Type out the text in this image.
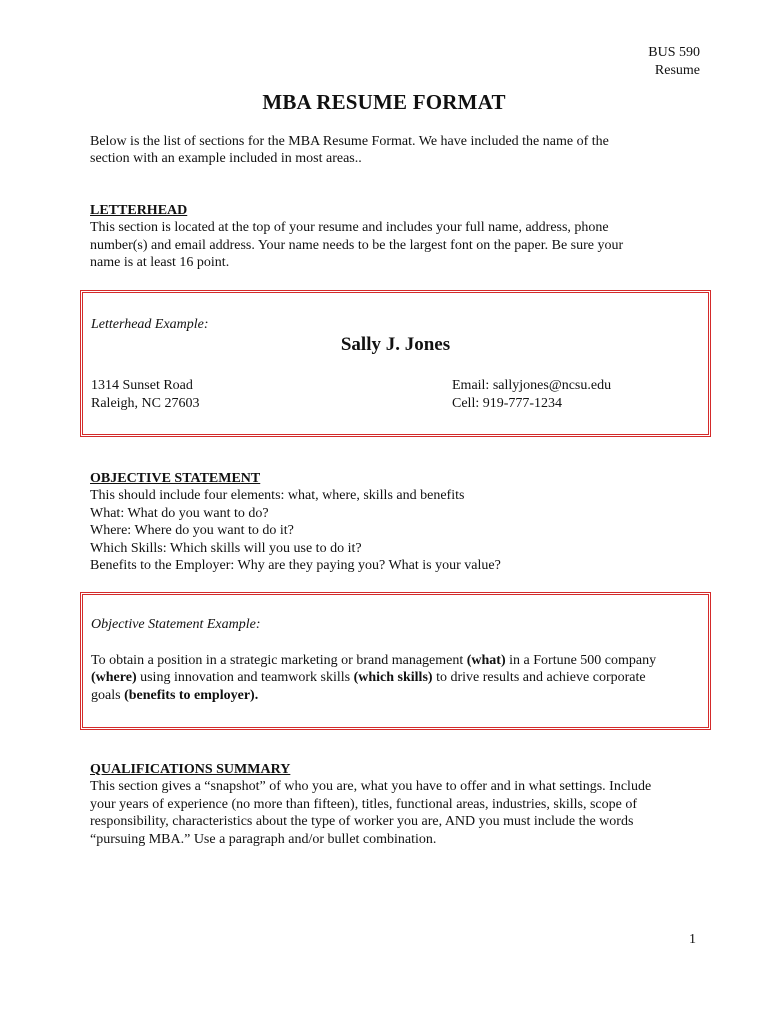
BUS 590
Resume
MBA RESUME FORMAT
Below is the list of sections for the MBA Resume Format. We have included the name of the
section with an example included in most areas..
LETTERHEAD
This section is located at the top of your resume and includes your full name, address, phone
number(s) and email address. Your name needs to be the largest font on the paper. Be sure your
name is at least 16 point.
Letterhead Example:
Sally J. Jones
1314 Sunset Road
Raleigh, NC 27603
Email: sallyjones@ncsu.edu
Cell: 919-777-1234
OBJECTIVE STATEMENT
This should include four elements: what, where, skills and benefits
What: What do you want to do?
Where: Where do you want to do it?
Which Skills: Which skills will you use to do it?
Benefits to the Employer: Why are they paying you? What is your value?
Objective Statement Example:
To obtain a position in a strategic marketing or brand management (what) in a Fortune 500 company
(where) using innovation and teamwork skills (which skills) to drive results and achieve corporate
goals (benefits to employer).
QUALIFICATIONS SUMMARY
This section gives a “snapshot” of who you are, what you have to offer and in what settings. Include
your years of experience (no more than fifteen), titles, functional areas, industries, skills, scope of
responsibility, characteristics about the type of worker you are, AND you must include the words
“pursuing MBA.” Use a paragraph and/or bullet combination.
1
